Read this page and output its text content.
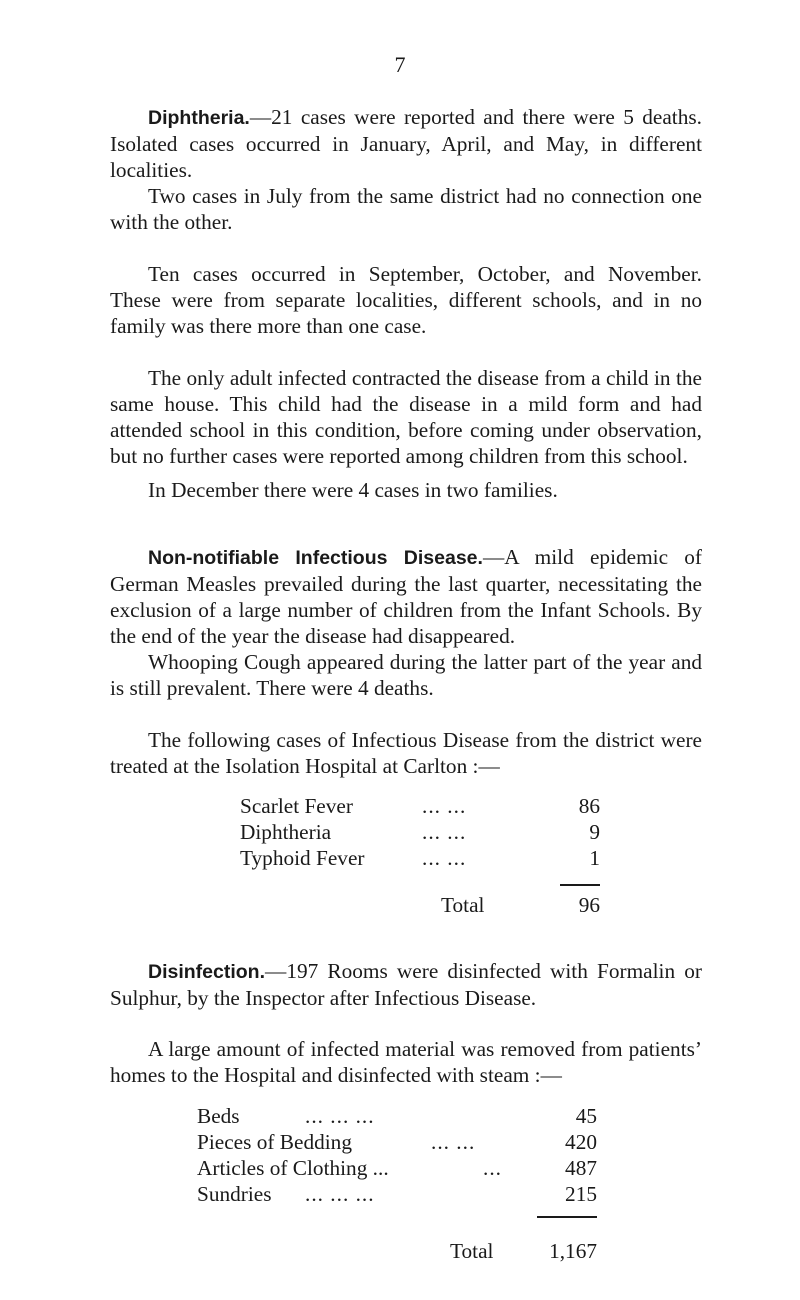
7

Diphtheria.—21 cases were reported and there were 5 deaths. Isolated cases occurred in January, April, and May, in different localities.

Two cases in July from the same district had no connection one with the other.

Ten cases occurred in September, October, and November. These were from separate localities, different schools, and in no family was there more than one case.

The only adult infected contracted the disease from a child in the same house. This child had the disease in a mild form and had attended school in this condition, before coming under observation, but no further cases were reported among children from this school.

In December there were 4 cases in two families.

Non-notifiable Infectious Disease.—A mild epidemic of German Measles prevailed during the last quarter, necessitating the exclusion of a large number of children from the Infant Schools. By the end of the year the disease had disappeared.

Whooping Cough appeared during the latter part of the year and is still prevalent. There were 4 deaths.

The following cases of Infectious Disease from the district were treated at the Isolation Hospital at Carlton :—

Scarlet Fever	... ...	86
Diphtheria	... ...	9
Typhoid Fever	... ...	1
Total	96

Disinfection.—197 Rooms were disinfected with Formalin or Sulphur, by the Inspector after Infectious Disease.

A large amount of infected material was removed from patients’ homes to the Hospital and disinfected with steam :—

Beds	... ... ...	45
Pieces of Bedding	... ...	420
Articles of Clothing ...	...	487
Sundries ... ... ...	215
Total	1,167
